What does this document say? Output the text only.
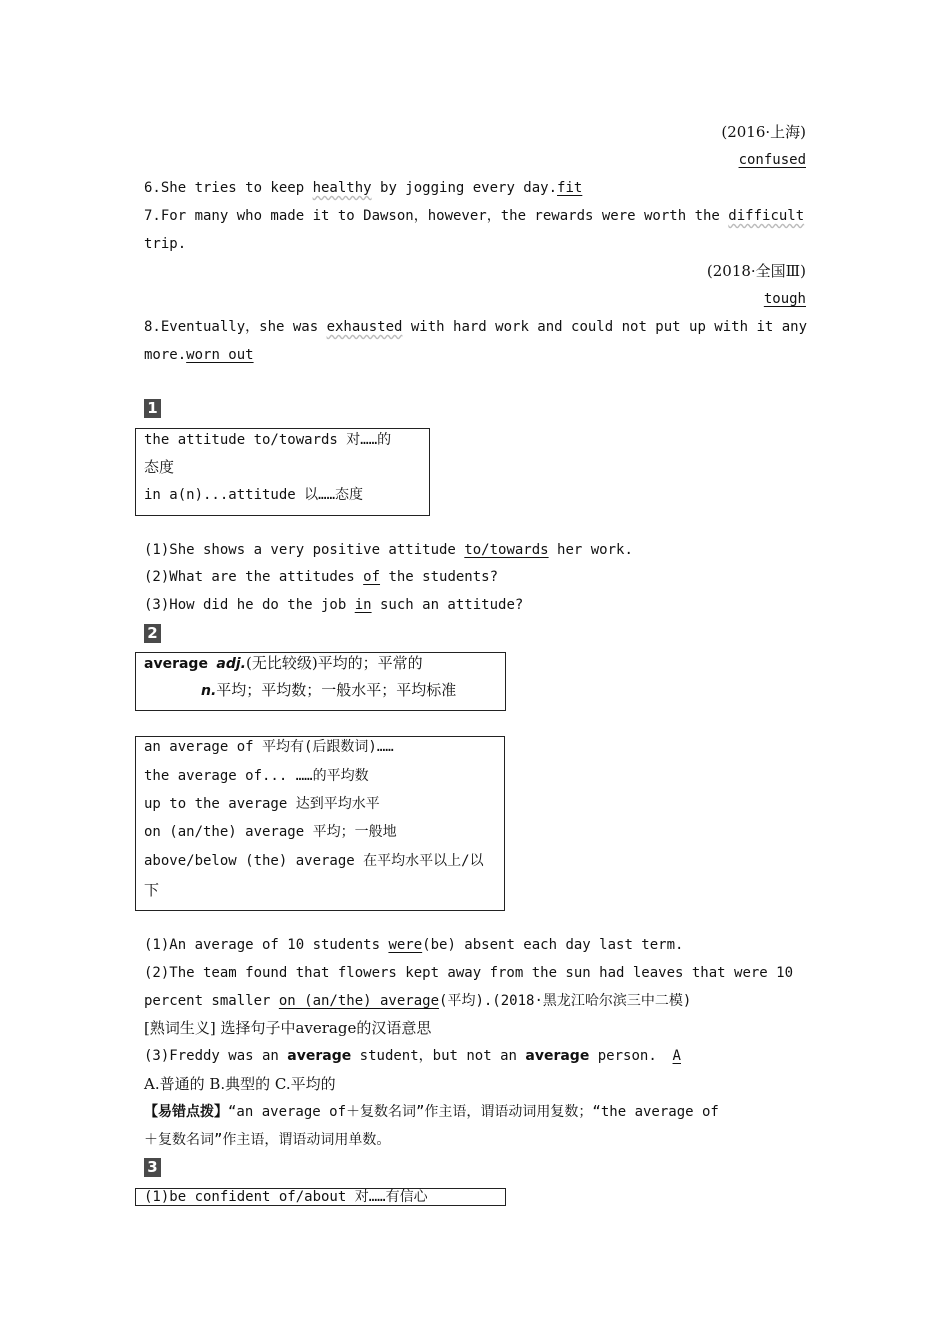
(2016·上海)
confused
6.She tries to keep healthy by jogging every day.fit
7.For many who made it to Dawson，however，the rewards were worth the difficult
trip.
(2018·全国Ⅲ)
tough
8.Eventually，she was exhausted with hard work and could not put up with it any
more.worn out
1
the attitude to/towards 对……的
态度
in a(n)...attitude 以……态度
(1)She shows a very positive attitude to/towards her work.
(2)What are the attitudes of the students?
(3)How did he do the job in such an attitude?
2
average adj.(无比较级)平均的；平常的
n.平均；平均数；一般水平；平均标准
an average of 平均有(后跟数词)……
the average of... ……的平均数
up to the average 达到平均水平
on (an/the) average 平均；一般地
above/below (the) average 在平均水平以上/以
下
(1)An average of 10 students were(be) absent each day last term.
(2)The team found that flowers kept away from the sun had leaves that were 10
percent smaller on (an/the) average(平均).(2018·黑龙江哈尔滨三中二模)
[熟词生义] 选择句子中average的汉语意思
(3)Freddy was an average student，but not an average person. A
A.普通的 B.典型的 C.平均的
【易错点拨】“an average of＋复数名词”作主语，谓语动词用复数；“the average of
＋复数名词”作主语，谓语动词用单数。
3
(1)be confident of/about 对……有信心
